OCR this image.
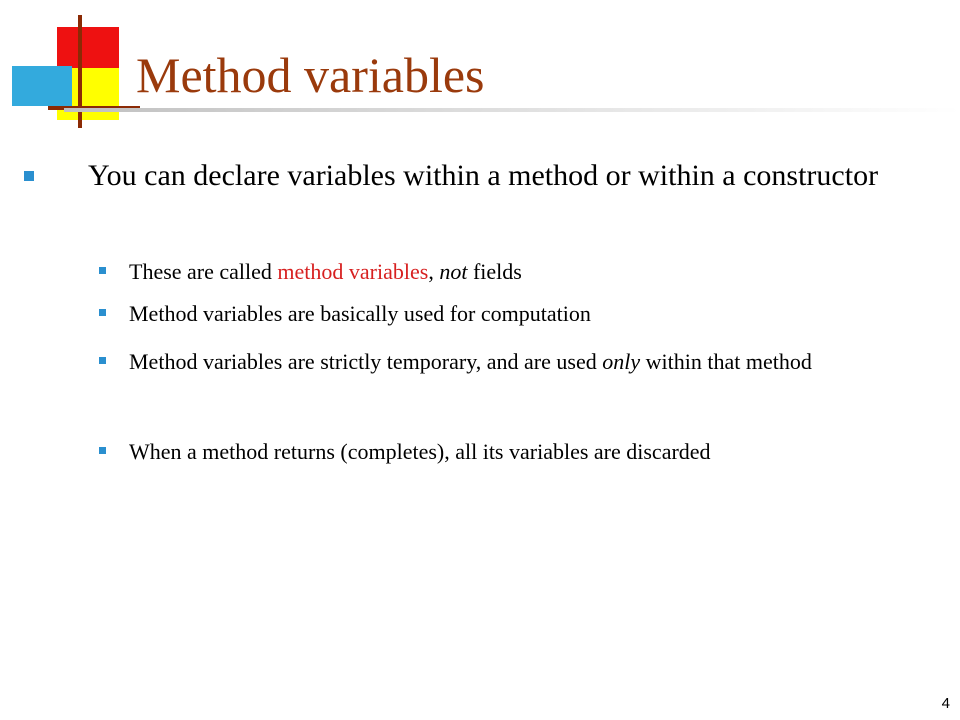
Method variables
You can declare variables within a method or within a constructor
These are called method variables, not fields
Method variables are basically used for computation
Method variables are strictly temporary, and are used only within that method
When a method returns (completes), all its variables are discarded
4
